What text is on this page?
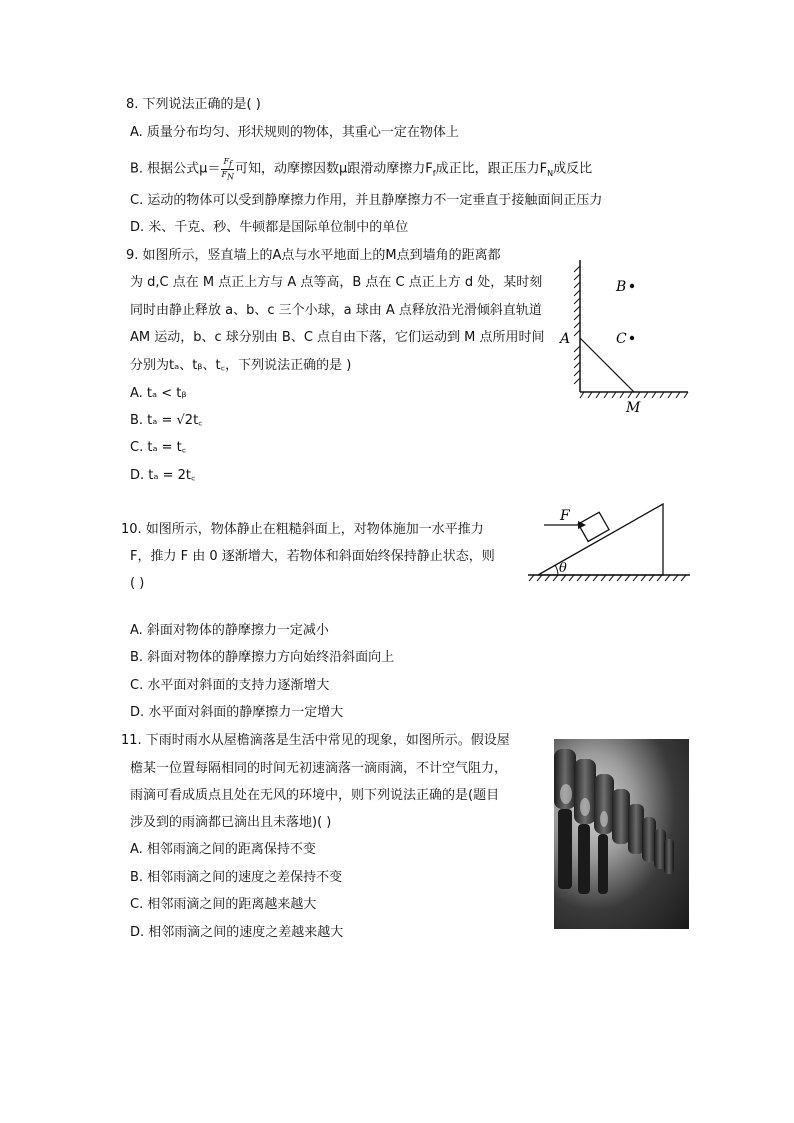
8. 下列说法正确的是( )
A. 质量分布均匀、形状规则的物体，其重心一定在物体上
B. 根据公式$\mu= \frac{F_f}{F_N}$ 可知，动摩擦因数μ跟滑动摩擦力$F_f$成正比，跟正压力$F_N$成反比
C. 运动的物体可以受到静摩擦力作用，并且静摩擦力不一定垂直于接触面间正压力
D. 米、千克、秒、牛顿都是国际单位制中的单位
9. 如图所示，竖直墙上的A点与水平地面上的M点到墙角的距离都
为 d,C 点在 M 点正上方与 A 点等高，B 点在 C 点正上方 d 处，某时刻
同时由静止释放 a、b、c 三个小球，a 球由 A 点释放沿光滑倾斜直轨道
AM 运动，b、c 球分别由 B、C 点自由下落，它们运动到 M 点所用时间
分别为tₐ、tᵦ、t꜀，下列说法正确的是 )
A. tₐ < tᵦ
B. tₐ = √2t꜀
C. tₐ = t꜀
D. tₐ = 2t꜀
B
C
A
M
10. 如图所示，物体静止在粗糙斜面上，对物体施加一水平推力
F，推力 F 由 0 逐渐增大，若物体和斜面始终保持静止状态，则
( )
A. 斜面对物体的静摩擦力一定减小
B. 斜面对物体的静摩擦力方向始终沿斜面向上
C. 水平面对斜面的支持力逐渐增大
D. 水平面对斜面的静摩擦力一定增大
θ
F
11. 下雨时雨水从屋檐滴落是生活中常见的现象，如图所示。假设屋
檐某一位置每隔相同的时间无初速滴落一滴雨滴，不计空气阻力，
雨滴可看成质点且处在无风的环境中，则下列说法正确的是(题目
涉及到的雨滴都已滴出且未落地)( )
A. 相邻雨滴之间的距离保持不变
B. 相邻雨滴之间的速度之差保持不变
C. 相邻雨滴之间的距离越来越大
D. 相邻雨滴之间的速度之差越来越大
